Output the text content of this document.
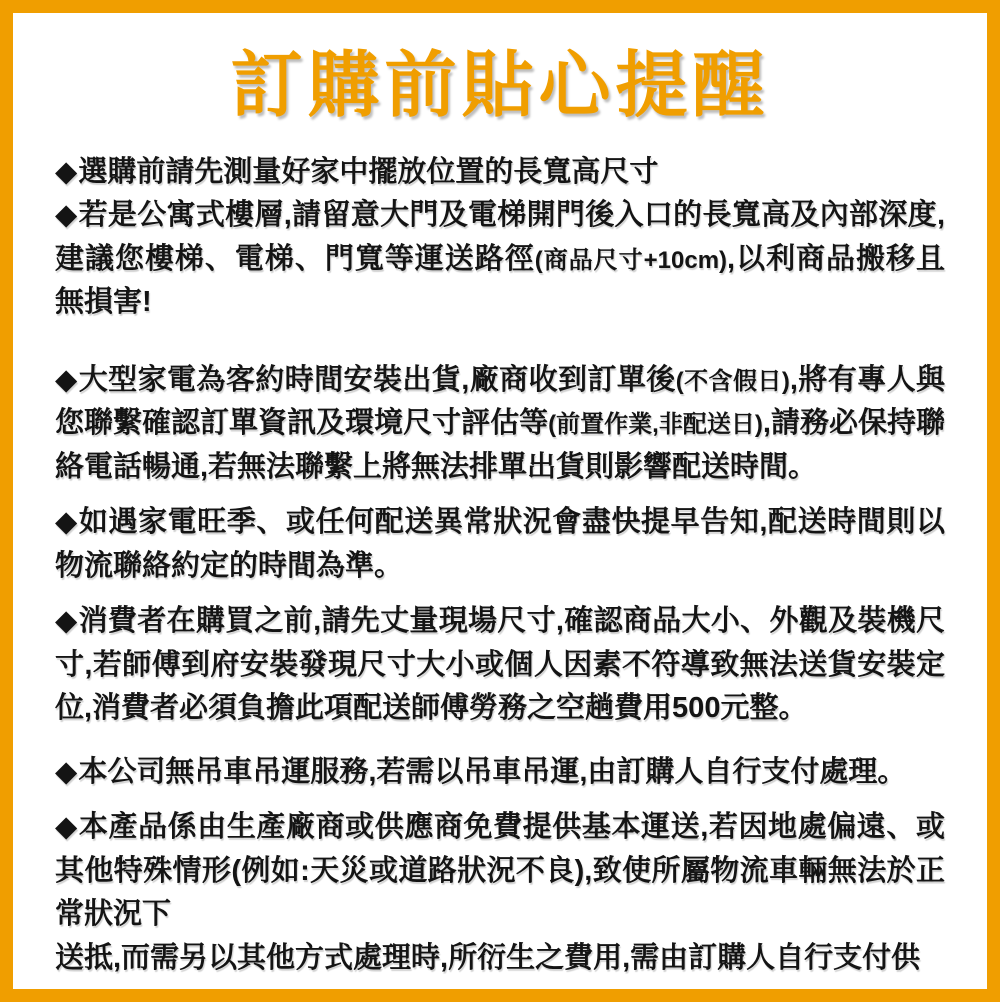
訂購前貼心提醒

◆選購前請先測量好家中擺放位置的長寬高尺寸

◆若是公寓式樓層,請留意大門及電梯開門後入口的長寬高及內部深度,建議您樓梯、電梯、門寬等運送路徑(商品尺寸+10cm),以利商品搬移且無損害!

◆大型家電為客約時間安裝出貨,廠商收到訂單後(不含假日),將有專人與您聯繫確認訂單資訊及環境尺寸評估等(前置作業,非配送日),請務必保持聯絡電話暢通,若無法聯繫上將無法排單出貨則影響配送時間。

◆如遇家電旺季、或任何配送異常狀況會盡快提早告知,配送時間則以物流聯絡約定的時間為準。

◆消費者在購買之前,請先丈量現場尺寸,確認商品大小、外觀及裝機尺寸,若師傅到府安裝發現尺寸大小或個人因素不符導致無法送貨安裝定位,消費者必須負擔此項配送師傅勞務之空趟費用500元整。

◆本公司無吊車吊運服務,若需以吊車吊運,由訂購人自行支付處理。

◆本產品係由生產廠商或供應商免費提供基本運送,若因地處偏遠、或其他特殊情形(例如:天災或道路狀況不良),致使所屬物流車輛無法於正常狀況下
送抵,而需另以其他方式處理時,所衍生之費用,需由訂購人自行支付供
